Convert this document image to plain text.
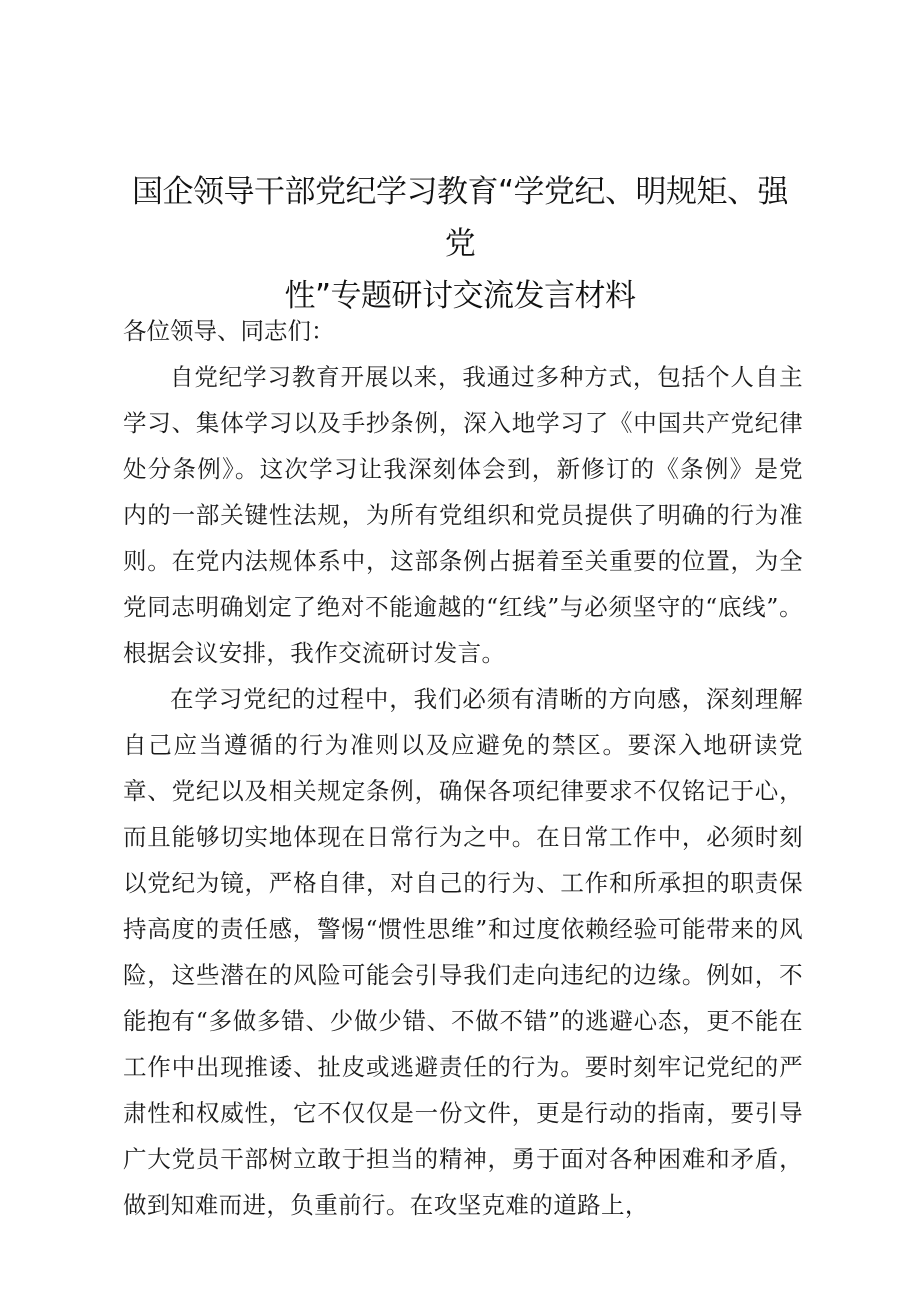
国企领导干部党纪学习教育“学党纪、明规矩、强党
性”专题研讨交流发言材料

各位领导、同志们：

自党纪学习教育开展以来，我通过多种方式，包括个人自主学习、集体学习以及手抄条例，深入地学习了《中国共产党纪律处分条例》。这次学习让我深刻体会到，新修订的《条例》是党内的一部关键性法规，为所有党组织和党员提供了明确的行为准则。在党内法规体系中，这部条例占据着至关重要的位置，为全党同志明确划定了绝对不能逾越的“红线”与必须坚守的“底线”。根据会议安排，我作交流研讨发言。

在学习党纪的过程中，我们必须有清晰的方向感，深刻理解自己应当遵循的行为准则以及应避免的禁区。要深入地研读党章、党纪以及相关规定条例，确保各项纪律要求不仅铭记于心，而且能够切实地体现在日常行为之中。在日常工作中，必须时刻以党纪为镜，严格自律，对自己的行为、工作和所承担的职责保持高度的责任感，警惕“惯性思维”和过度依赖经验可能带来的风险，这些潜在的风险可能会引导我们走向违纪的边缘。例如，不能抱有“多做多错、少做少错、不做不错”的逃避心态，更不能在工作中出现推诿、扯皮或逃避责任的行为。要时刻牢记党纪的严肃性和权威性，它不仅仅是一份文件，更是行动的指南，要引导广大党员干部树立敢于担当的精神，勇于面对各种困难和矛盾，做到知难而进，负重前行。在攻坚克难的道路上，
